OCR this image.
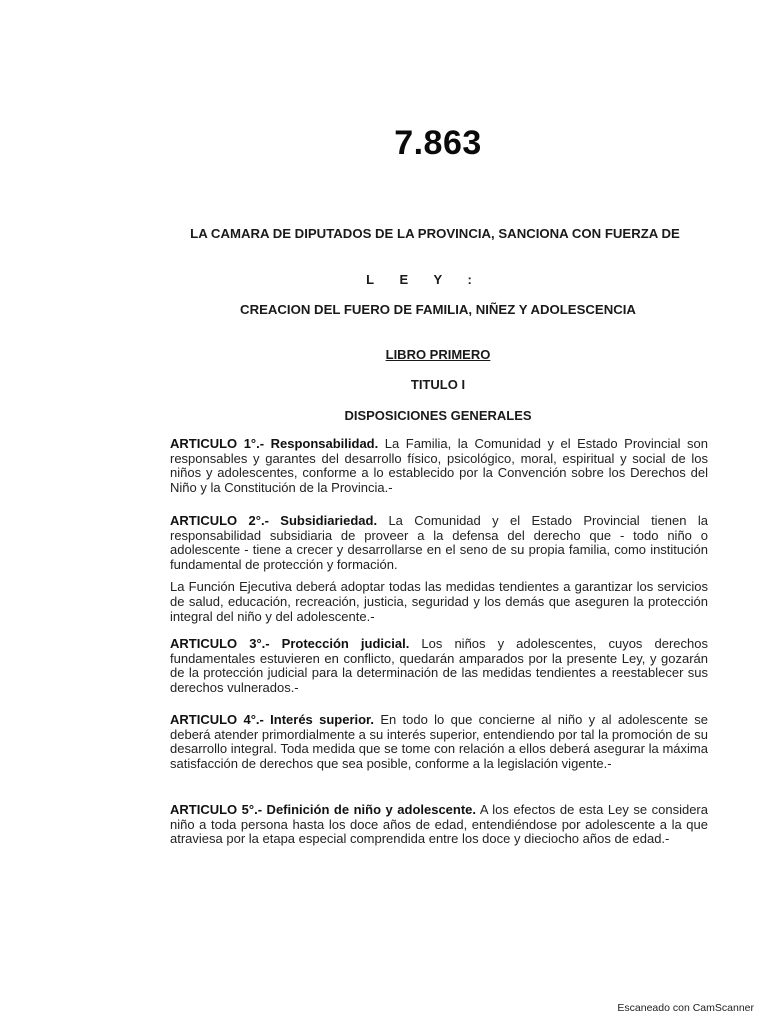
7.863
LA CAMARA DE DIPUTADOS DE LA PROVINCIA, SANCIONA CON FUERZA DE
L E Y :
CREACION DEL FUERO DE FAMILIA, NIÑEZ Y ADOLESCENCIA
LIBRO PRIMERO
TITULO I
DISPOSICIONES GENERALES

ARTICULO 1°.- Responsabilidad. La Familia, la Comunidad y el Estado Provincial son responsables y garantes del desarrollo físico, psicológico, moral, espiritual y social de los niños y adolescentes, conforme a lo establecido por la Convención sobre los Derechos del Niño y la Constitución de la Provincia.-

ARTICULO 2°.- Subsidiariedad. La Comunidad y el Estado Provincial tienen la responsabilidad subsidiaria de proveer a la defensa del derecho que - todo niño o adolescente - tiene a crecer y desarrollarse en el seno de su propia familia, como institución fundamental de protección y formación.

La Función Ejecutiva deberá adoptar todas las medidas tendientes a garantizar los servicios de salud, educación, recreación, justicia, seguridad y los demás que aseguren la protección integral del niño y del adolescente.-

ARTICULO 3°.- Protección judicial. Los niños y adolescentes, cuyos derechos fundamentales estuvieren en conflicto, quedarán amparados por la presente Ley, y gozarán de la protección judicial para la determinación de las medidas tendientes a reestablecer sus derechos vulnerados.-

ARTICULO 4°.- Interés superior. En todo lo que concierne al niño y al adolescente se deberá atender primordialmente a su interés superior, entendiendo por tal la promoción de su desarrollo integral. Toda medida que se tome con relación a ellos deberá asegurar la máxima satisfacción de derechos que sea posible, conforme a la legislación vigente.-

ARTICULO 5°.- Definición de niño y adolescente. A los efectos de esta Ley se considera niño a toda persona hasta los doce años de edad, entendiéndose por adolescente a la que atraviesa por la etapa especial comprendida entre los doce y dieciocho años de edad.-

Escaneado con CamScanner
